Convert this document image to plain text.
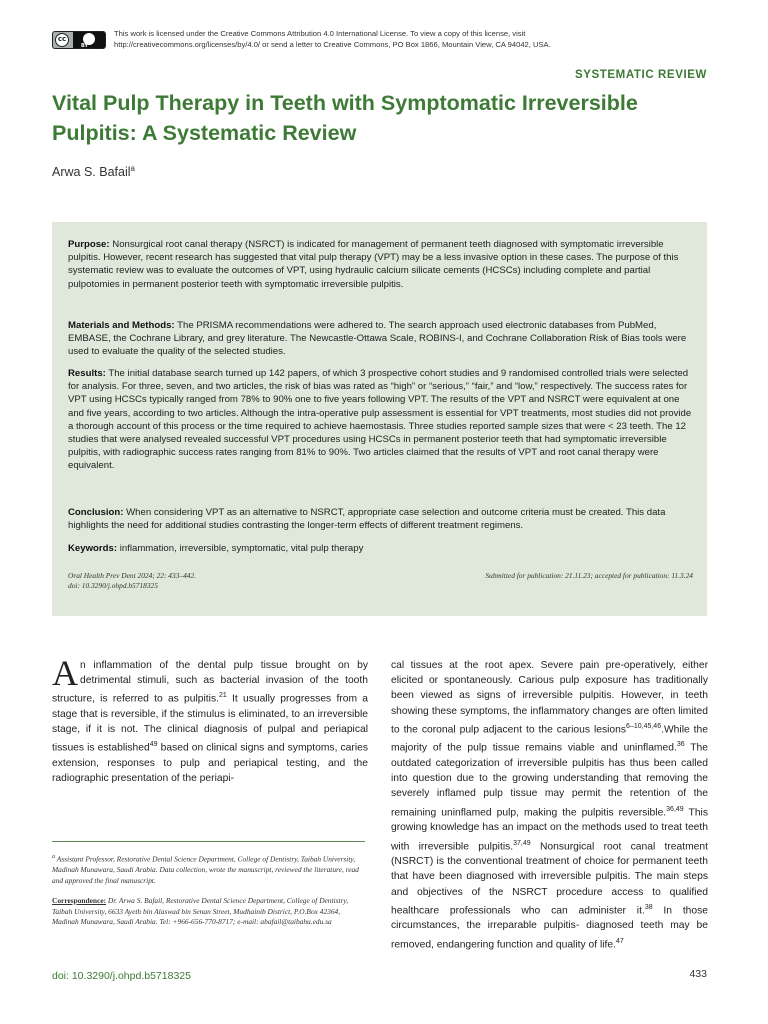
cc
BY
This work is licensed under the Creative Commons Attribution 4.0 International License. To view a copy of this license, visit
http://creativecommons.org/licenses/by/4.0/ or send a letter to Creative Commons, PO Box 1866, Mountain View, CA 94042, USA.
SYSTEMATIC REVIEW
Vital Pulp Therapy in Teeth with Symptomatic Irreversible
Pulpitis: A Systematic Review
Arwa S. Bafail$^a$

Purpose: Nonsurgical root canal therapy (NSRCT) is indicated for management of permanent teeth diagnosed with symptomatic irreversible pulpitis. However, recent research has suggested that vital pulp therapy (VPT) may be a less invasive option in these cases. The purpose of this systematic review was to evaluate the outcomes of VPT, using hydraulic calcium silicate cements (HCSCs) including complete and partial pulpotomies in permanent posterior teeth with symptomatic irreversible pulpitis.

Materials and Methods: The PRISMA recommendations were adhered to. The search approach used electronic databases from PubMed, EMBASE, the Cochrane Library, and grey literature. The Newcastle-Ottawa Scale, ROBINS-I, and Cochrane Collaboration Risk of Bias tools were used to evaluate the quality of the selected studies.

Results: The initial database search turned up 142 papers, of which 3 prospective cohort studies and 9 randomised controlled trials were selected for analysis. For three, seven, and two articles, the risk of bias was rated as “high” or “serious,” “fair,” and “low,” respectively. The success rates for VPT using HCSCs typically ranged from 78% to 90% one to five years following VPT. The results of the VPT and NSRCT were equivalent at one and five years, according to two articles. Although the intra-operative pulp assessment is essential for VPT treatments, most studies did not provide a thorough account of this process or the time required to achieve haemostasis. Three studies reported sample sizes that were < 23 teeth. The 12 studies that were analysed revealed successful VPT procedures using HCSCs in permanent posterior teeth that had symptomatic irreversible pulpitis, with radiographic success rates ranging from 81% to 90%. Two articles claimed that the results of VPT and root canal therapy were equivalent.

Conclusion: When considering VPT as an alternative to NSRCT, appropriate case selection and outcome criteria must be created. This data highlights the need for additional studies contrasting the longer-term effects of different treatment regimens.

Keywords: inflammation, irreversible, symptomatic, vital pulp therapy

Oral Health Prev Dent 2024; 22: 433–442.
doi: 10.3290/j.ohpd.b5718325
Submitted for publication: 21.11.23; accepted for publication: 11.3.24
An inflammation of the dental pulp tissue brought on by detrimental stimuli, such as bacterial invasion of the tooth structure, is referred to as pulpitis.$^{21}$ It usually progresses from a stage that is reversible, if the stimulus is eliminated, to an irreversible stage, if it is not. The clinical diagnosis of pulpal and periapical tissues is established$^{49}$ based on clinical signs and symptoms, caries extension, responses to pulp and periapical testing, and the radiographic presentation of the periapi-
$^a$ Assistant Professor, Restorative Dental Science Department, College of Dentistry, Taibah University, Madinah Munawara, Saudi Arabia. Data collection, wrote the manuscript, reviewed the literature, read and approved the final manuscript.
Correspondence: Dr. Arwa S. Bafail, Restorative Dental Science Department, College of Dentistry, Taibah University, 6633 Ayeth bin Alaswad bin Senan Street, Mudhainib District, P.O.Box 42364, Madinah Munawara, Saudi Arabia. Tel: +966-656-770-8717; e-mail: abafail@taibahu.edu.sa
cal tissues at the root apex. Severe pain pre-operatively, either elicited or spontaneously. Carious pulp exposure has traditionally been viewed as signs of irreversible pulpitis. However, in teeth showing these symptoms, the inflammatory changes are often limited to the coronal pulp adjacent to the carious lesions$^{6-10,45,46}$.While the majority of the pulp tissue remains viable and uninflamed.$^{36}$ The outdated categorization of irreversible pulpitis has thus been called into question due to the growing understanding that removing the severely inflamed pulp tissue may permit the retention of the remaining uninflamed pulp, making the pulpitis reversible.$^{36,49}$ This growing knowledge has an impact on the methods used to treat teeth with irreversible pulpitis.$^{37,49}$ Nonsurgical root canal treatment (NSRCT) is the conventional treatment of choice for permanent teeth that have been diagnosed with irreversible pulpitis. The main steps and objectives of the NSRCT procedure access to qualified healthcare professionals who can administer it.$^{38}$ In those circumstances, the irreparable pulpitis- diagnosed teeth may be removed, endangering function and quality of life.$^{47}$
doi: 10.3290/j.ohpd.b5718325	433
